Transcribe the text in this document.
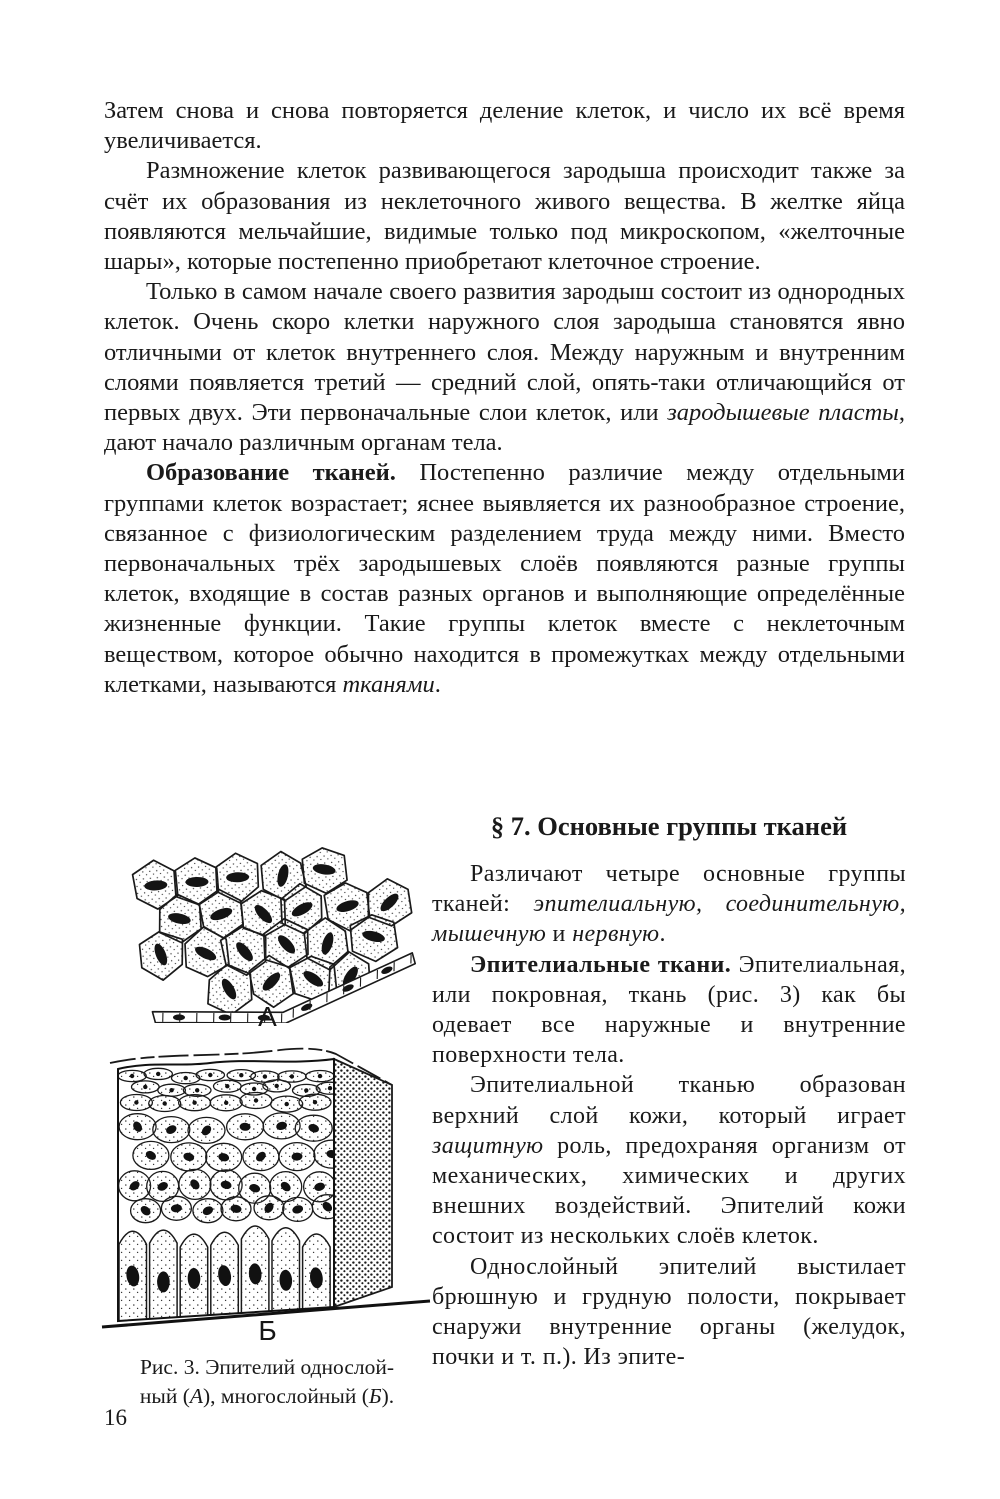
Затем снова и снова повторяется деление клеток, и число их всё время увеличивается.

Размножение клеток развивающегося зародыша происходит также за счёт их образования из неклеточного живого вещества. В желтке яйца появляются мельчайшие, видимые только под микроскопом, «желточные шары», которые постепенно приобретают клеточное строение.

Только в самом начале своего развития зародыш состоит из однородных клеток. Очень скоро клетки наружного слоя зародыша становятся явно отличными от клеток внутреннего слоя. Между наружным и внутренним слоями появляется третий — средний слой, опять-таки отличающийся от первых двух. Эти первоначальные слои клеток, или зародышевые пласты, дают начало различным органам тела.

Образование тканей. Постепенно различие между отдельными группами клеток возрастает; яснее выявляется их разнообразное строение, связанное с физиологическим разделением труда между ними. Вместо первоначальных трёх зародышевых слоёв появляются разные группы клеток, входящие в состав разных органов и выполняющие определённые жизненные функции. Такие группы клеток вместе с неклеточным веществом, которое обычно находится в промежутках между отдельными клетками, называются тканями.

§ 7. Основные группы тканей

Различают четыре основные группы тканей: эпителиальную, соединительную, мышечную и нервную.

Эпителиальные ткани. Эпителиальная, или покровная, ткань (рис. 3) как бы одевает все наружные и внутренние поверхности тела.

Эпителиальной тканью образован верхний слой кожи, который играет защитную роль, предохраняя организм от механических, химических и других внешних воздействий. Эпителий кожи состоит из нескольких слоёв клеток.

Однослойный эпителий выстилает брюшную и грудную полости, покрывает снаружи внутренние органы (желудок, почки и т. п.). Из эпите-

А
Б
Рис. 3. Эпителий однослой-
ный (А), многослойный (Б).
16
